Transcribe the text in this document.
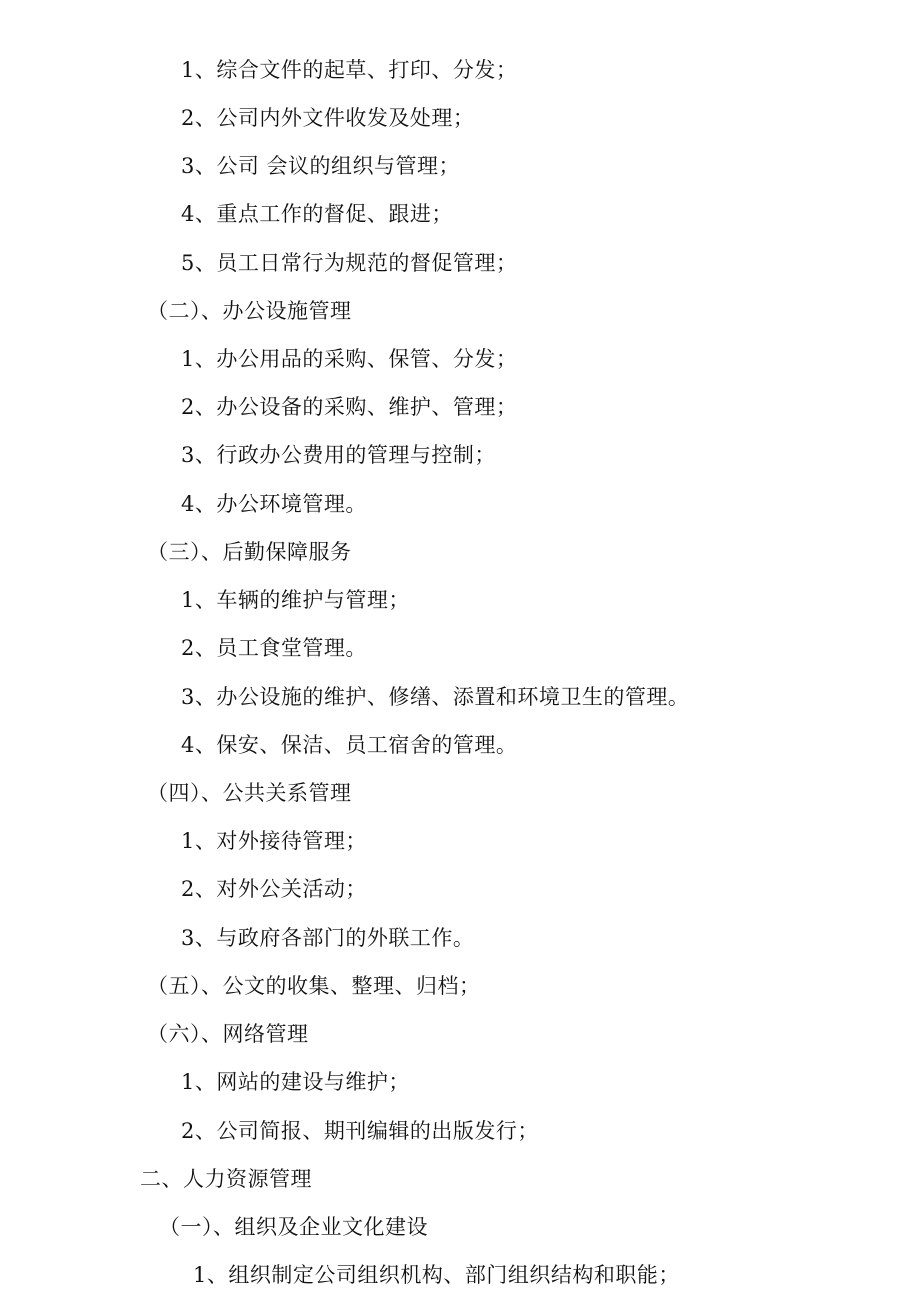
1、综合文件的起草、打印、分发；
2、公司内外文件收发及处理；
3、公司 会议的组织与管理；
4、重点工作的督促、跟进；
5、员工日常行为规范的督促管理；
（二）、办公设施管理
1、办公用品的采购、保管、分发；
2、办公设备的采购、维护、管理；
3、行政办公费用的管理与控制；
4、办公环境管理。
（三）、后勤保障服务
1、车辆的维护与管理；
2、员工食堂管理。
3、办公设施的维护、修缮、添置和环境卫生的管理。
4、保安、保洁、员工宿舍的管理。
（四）、公共关系管理
1、对外接待管理；
2、对外公关活动；
3、与政府各部门的外联工作。
（五）、公文的收集、整理、归档；
（六）、网络管理
1、网站的建设与维护；
2、公司简报、期刊编辑的出版发行；
二、人力资源管理
（一）、组织及企业文化建设
1、组织制定公司组织机构、部门组织结构和职能；
